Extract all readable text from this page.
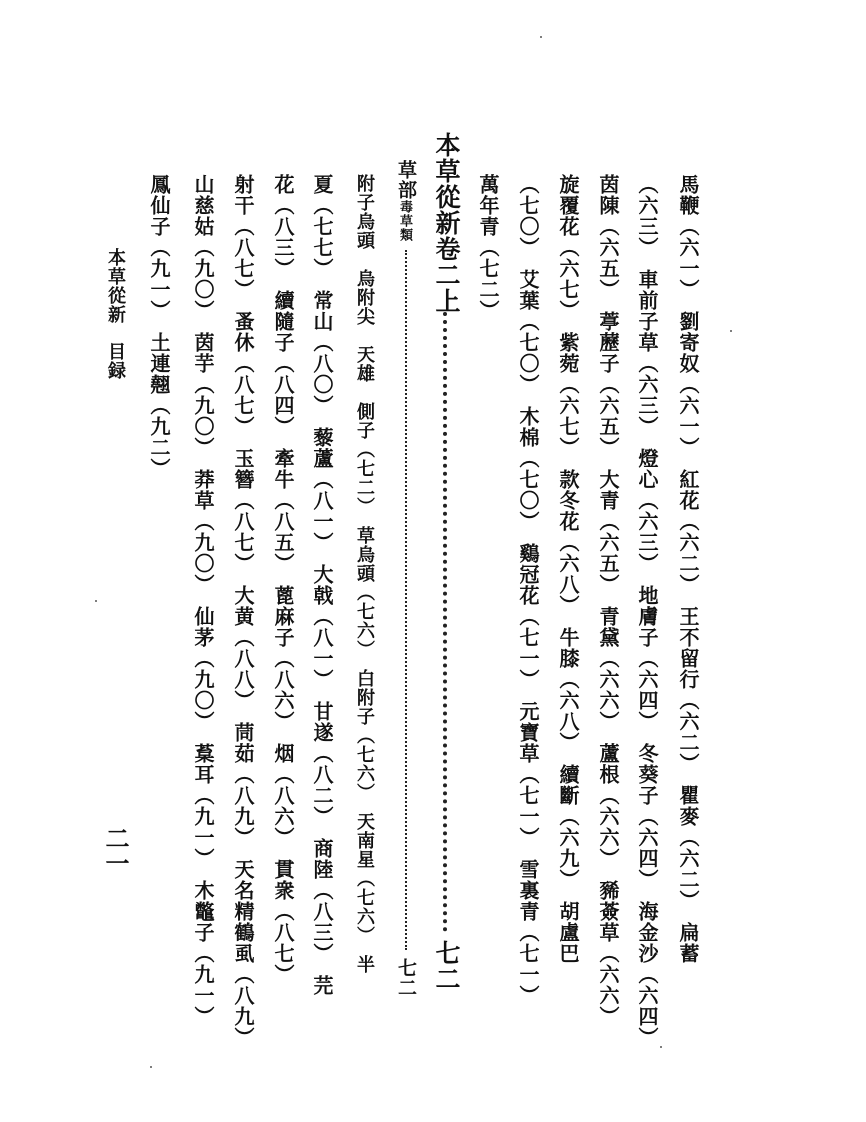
馬鞭（六一）　劉寄奴（六一）　紅花（六二）　王不留行（六二）　瞿麥（六二）　扁蓄
（六三）　車前子草（六三）　燈心（六三）　地膚子（六四）　冬葵子（六四）　海金沙（六四）
茵陳（六五）　葶藶子（六五）　大青（六五）　青黛（六六）　蘆根（六六）　豨薟草（六六）
旋覆花（六七）　紫菀（六七）　款冬花（六八）　牛膝（六八）　續斷（六九）　胡盧巴
（七〇）　艾葉（七〇）　木棉（七〇）　鷄冠花（七一）　元寶草（七一）　雪裏青（七一）
萬年青（七二）
本草從新卷二上
七二
草部
毒草類
七二
附子烏頭　烏附尖　天雄　側子（七二）　草烏頭（七六）　白附子（七六）　天南星（七六）　半
夏（七七）　常山（八〇）　藜蘆（八一）　大戟（八一）　甘遂（八二）　商陸（八三）　芫
花（八三）　續隨子（八四）　牽牛（八五）　蓖麻子（八六）　烟（八六）　貫衆（八七）
射干（八七）　蚤休（八七）　玉簪（八七）　大黄（八八）　茼茹（八九）　天名精鶴虱（八九）
山慈姑（九〇）　茵芋（九〇）　莽草（九〇）　仙茅（九〇）　葈耳（九一）　木鼈子（九一）
鳳仙子（九一）　土連翹（九二）
本草從新
目録
二一
